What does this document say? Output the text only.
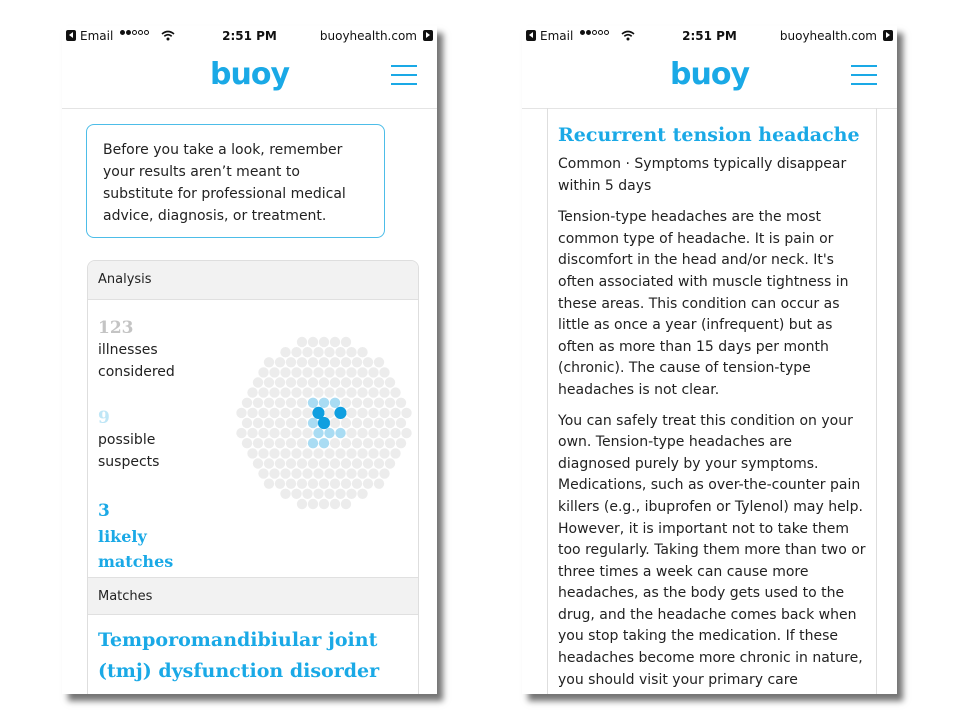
Email	2:51 PM	buoyhealth.com
buoy
Before you take a look, remember your results aren’t meant to substitute for professional medical advice, diagnosis, or treatment.
Analysis
123
illnesses
considered
9
possible
suspects
3
likely
matches
Matches
Temporomandibiular joint (tmj) dysfunction disorder
Email	2:51 PM	buoyhealth.com
buoy
Recurrent tension headache

Common · Symptoms typically disappear within 5 days

Tension-type headaches are the most common type of headache. It is pain or discomfort in the head and/or neck. It's often associated with muscle tightness in these areas. This condition can occur as little as once a year (infrequent) but as often as more than 15 days per month (chronic). The cause of tension-type headaches is not clear.

You can safely treat this condition on your own. Tension-type headaches are diagnosed purely by your symptoms. Medications, such as over-the-counter pain killers (e.g., ibuprofen or Tylenol) may help. However, it is important not to take them too regularly. Taking them more than two or three times a week can cause more headaches, as the body gets used to the drug, and the headache comes back when you stop taking the medication. If these headaches become more chronic in nature, you should visit your primary care
